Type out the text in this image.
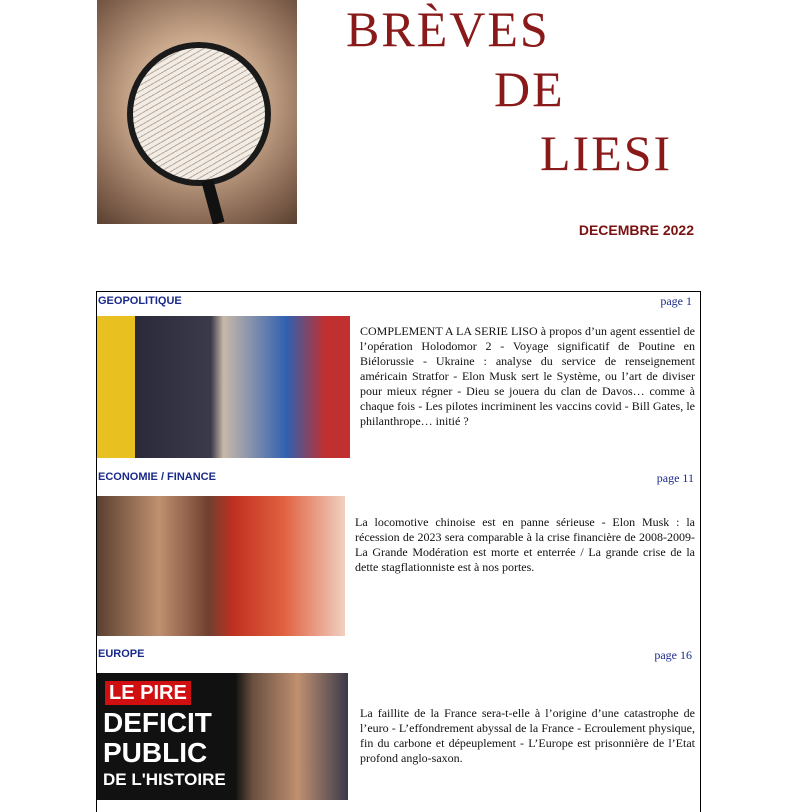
BRÈVES
DE
LIESI
DECEMBRE 2022
GEOPOLITIQUE	page 1
COMPLEMENT A LA SERIE LISO à propos d’un agent essentiel de l’opération Holodomor 2 - Voyage significatif de Poutine en Biélorussie - Ukraine : analyse du service de renseignement américain Stratfor - Elon Musk sert le Système, ou l’art de diviser pour mieux régner - Dieu se jouera du clan de Davos… comme à chaque fois - Les pilotes incriminent les vaccins covid - Bill Gates, le philanthrope… initié ?
ECONOMIE / FINANCE	page 11
La locomotive chinoise est en panne sérieuse - Elon Musk : la récession de 2023 sera comparable à la crise financière de 2008-2009- La Grande Modération est morte et enterrée / La grande crise de la dette stagflationniste est à nos portes.
EUROPE	page 16
LE PIRE
DEFICIT
PUBLIC
DE L'HISTOIRE
La faillite de la France sera-t-elle à l’origine d’une catastrophe de l’euro - L’effondrement abyssal de la France - Ecroulement physique, fin du carbone et dépeuplement - L’Europe est prisonnière de l’Etat profond anglo-saxon.
